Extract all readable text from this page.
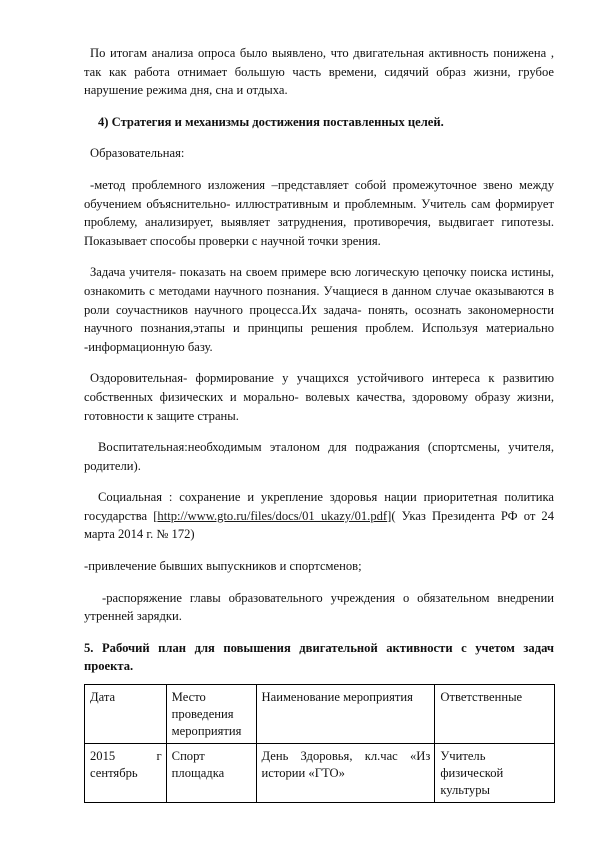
По итогам анализа опроса было выявлено, что двигательная активность понижена , так как работа отнимает большую часть времени, сидячий образ жизни, грубое нарушение режима дня, сна и отдыха.

4) Стратегия и механизмы достижения поставленных целей.

Образовательная:

-метод проблемного изложения –представляет собой промежуточное звено между обучением объяснительно- иллюстративным и проблемным. Учитель сам формирует проблему, анализирует, выявляет затруднения, противоречия, выдвигает гипотезы. Показывает способы проверки с научной точки зрения.

Задача учителя- показать на своем примере всю логическую цепочку поиска истины, ознакомить с методами научного познания. Учащиеся в данном случае оказываются в роли соучастников научного процесса.Их задача- понять, осознать закономерности научного познания,этапы и принципы решения проблем. Используя материально -информационную базу.

Оздоровительная- формирование у учащихся устойчивого интереса к развитию собственных физических и морально- волевых качества, здоровому образу жизни, готовности к защите страны.

Воспитательная:необходимым эталоном для подражания (спортсмены, учителя, родители).

Социальная : сохранение и укрепление здоровья нации приоритетная политика государства [http://www.gto.ru/files/docs/01_ukazy/01.pdf]( Указ Президента РФ от 24 марта 2014 г. № 172)

-привлечение бывших выпускников и спортсменов;

-распоряжение главы образовательного учреждения о обязательном внедрении утренней зарядки.

5. Рабочий план для повышения двигательной активности с учетом задач проекта.

Дата	Место проведения мероприятия	Наименование мероприятия	Ответственные

2015 г
сентябрь	Спорт площадка	День Здоровья, кл.час «Из истории «ГТО»	Учитель физической культуры
